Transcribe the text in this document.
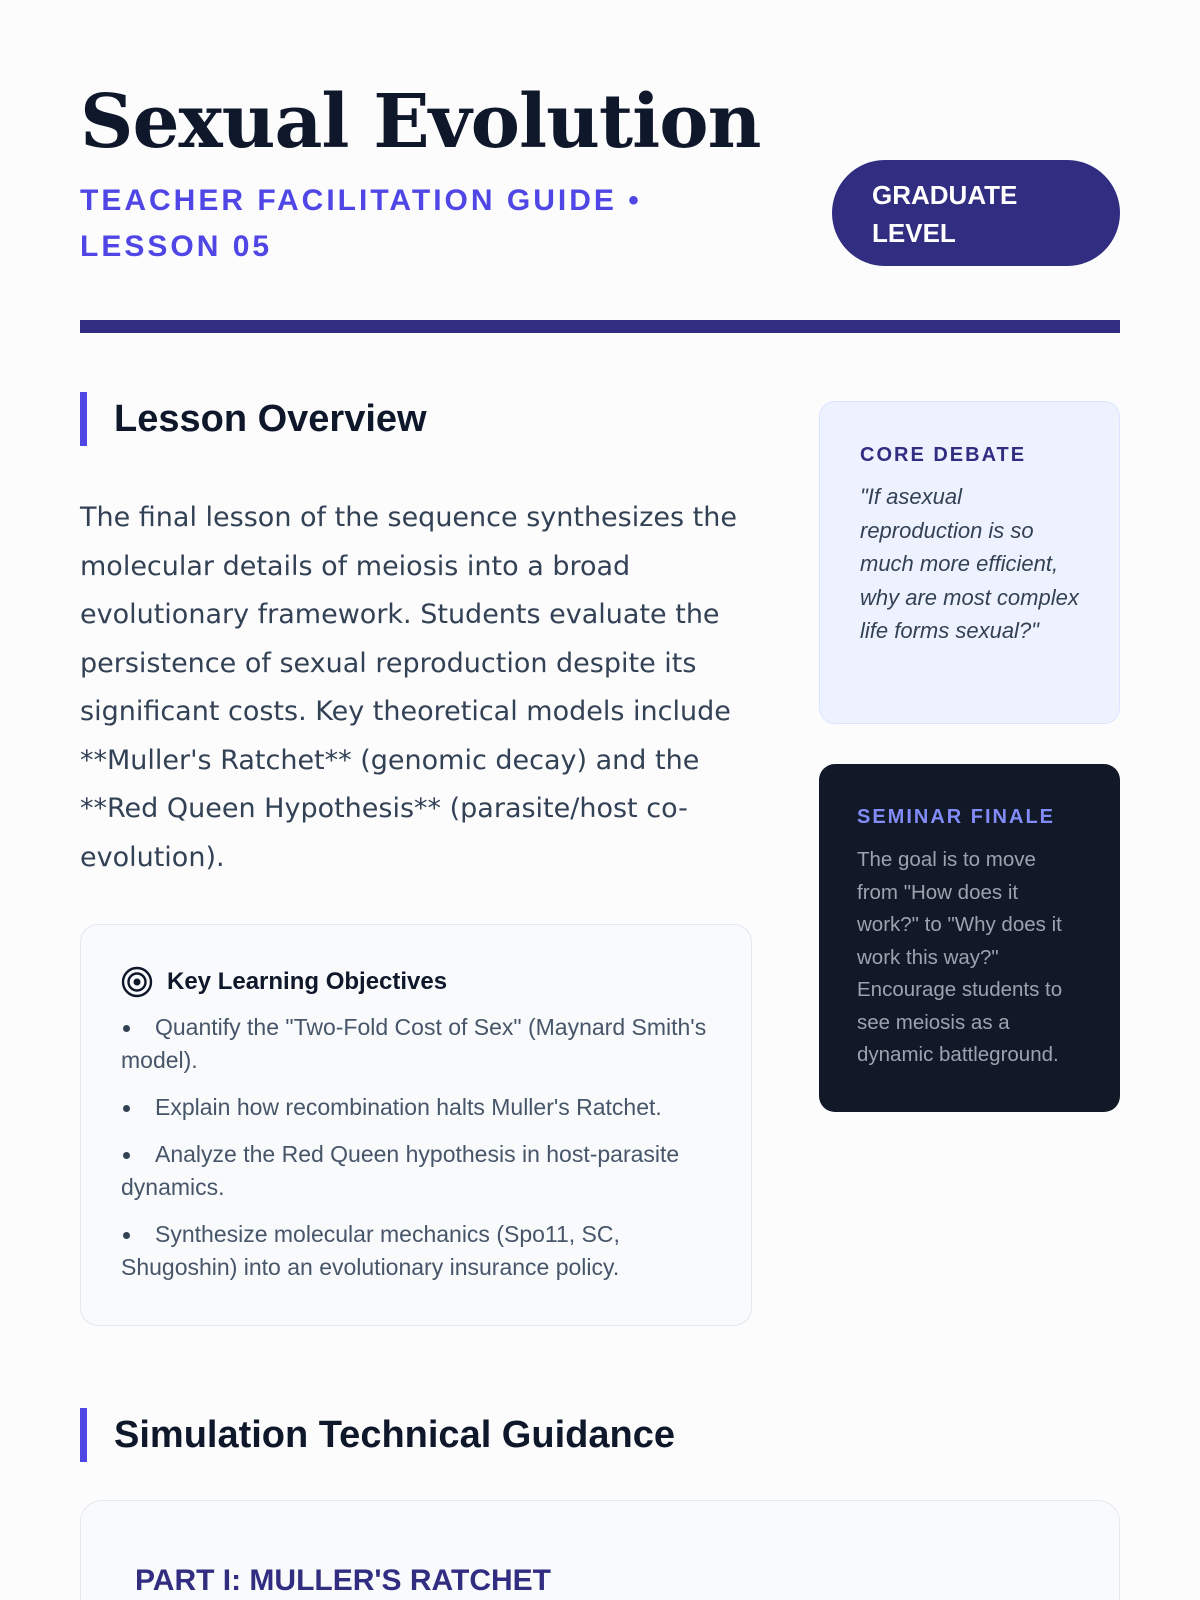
Sexual Evolution
TEACHER FACILITATION GUIDE • LESSON 05
GRADUATE LEVEL
Lesson Overview
The final lesson of the sequence synthesizes the molecular details of meiosis into a broad evolutionary framework. Students evaluate the persistence of sexual reproduction despite its significant costs. Key theoretical models include **Muller's Ratchet** (genomic decay) and the **Red Queen Hypothesis** (parasite/host co-evolution).
Key Learning Objectives
Quantify the "Two-Fold Cost of Sex" (Maynard Smith's model).
Explain how recombination halts Muller's Ratchet.
Analyze the Red Queen hypothesis in host-parasite dynamics.
Synthesize molecular mechanics (Spo11, SC, Shugoshin) into an evolutionary insurance policy.
CORE DEBATE
"If asexual reproduction is so much more efficient, why are most complex life forms sexual?"
SEMINAR FINALE
The goal is to move from "How does it work?" to "Why does it work this way?" Encourage students to see meiosis as a dynamic battleground.
Simulation Technical Guidance
PART I: MULLER'S RATCHET
